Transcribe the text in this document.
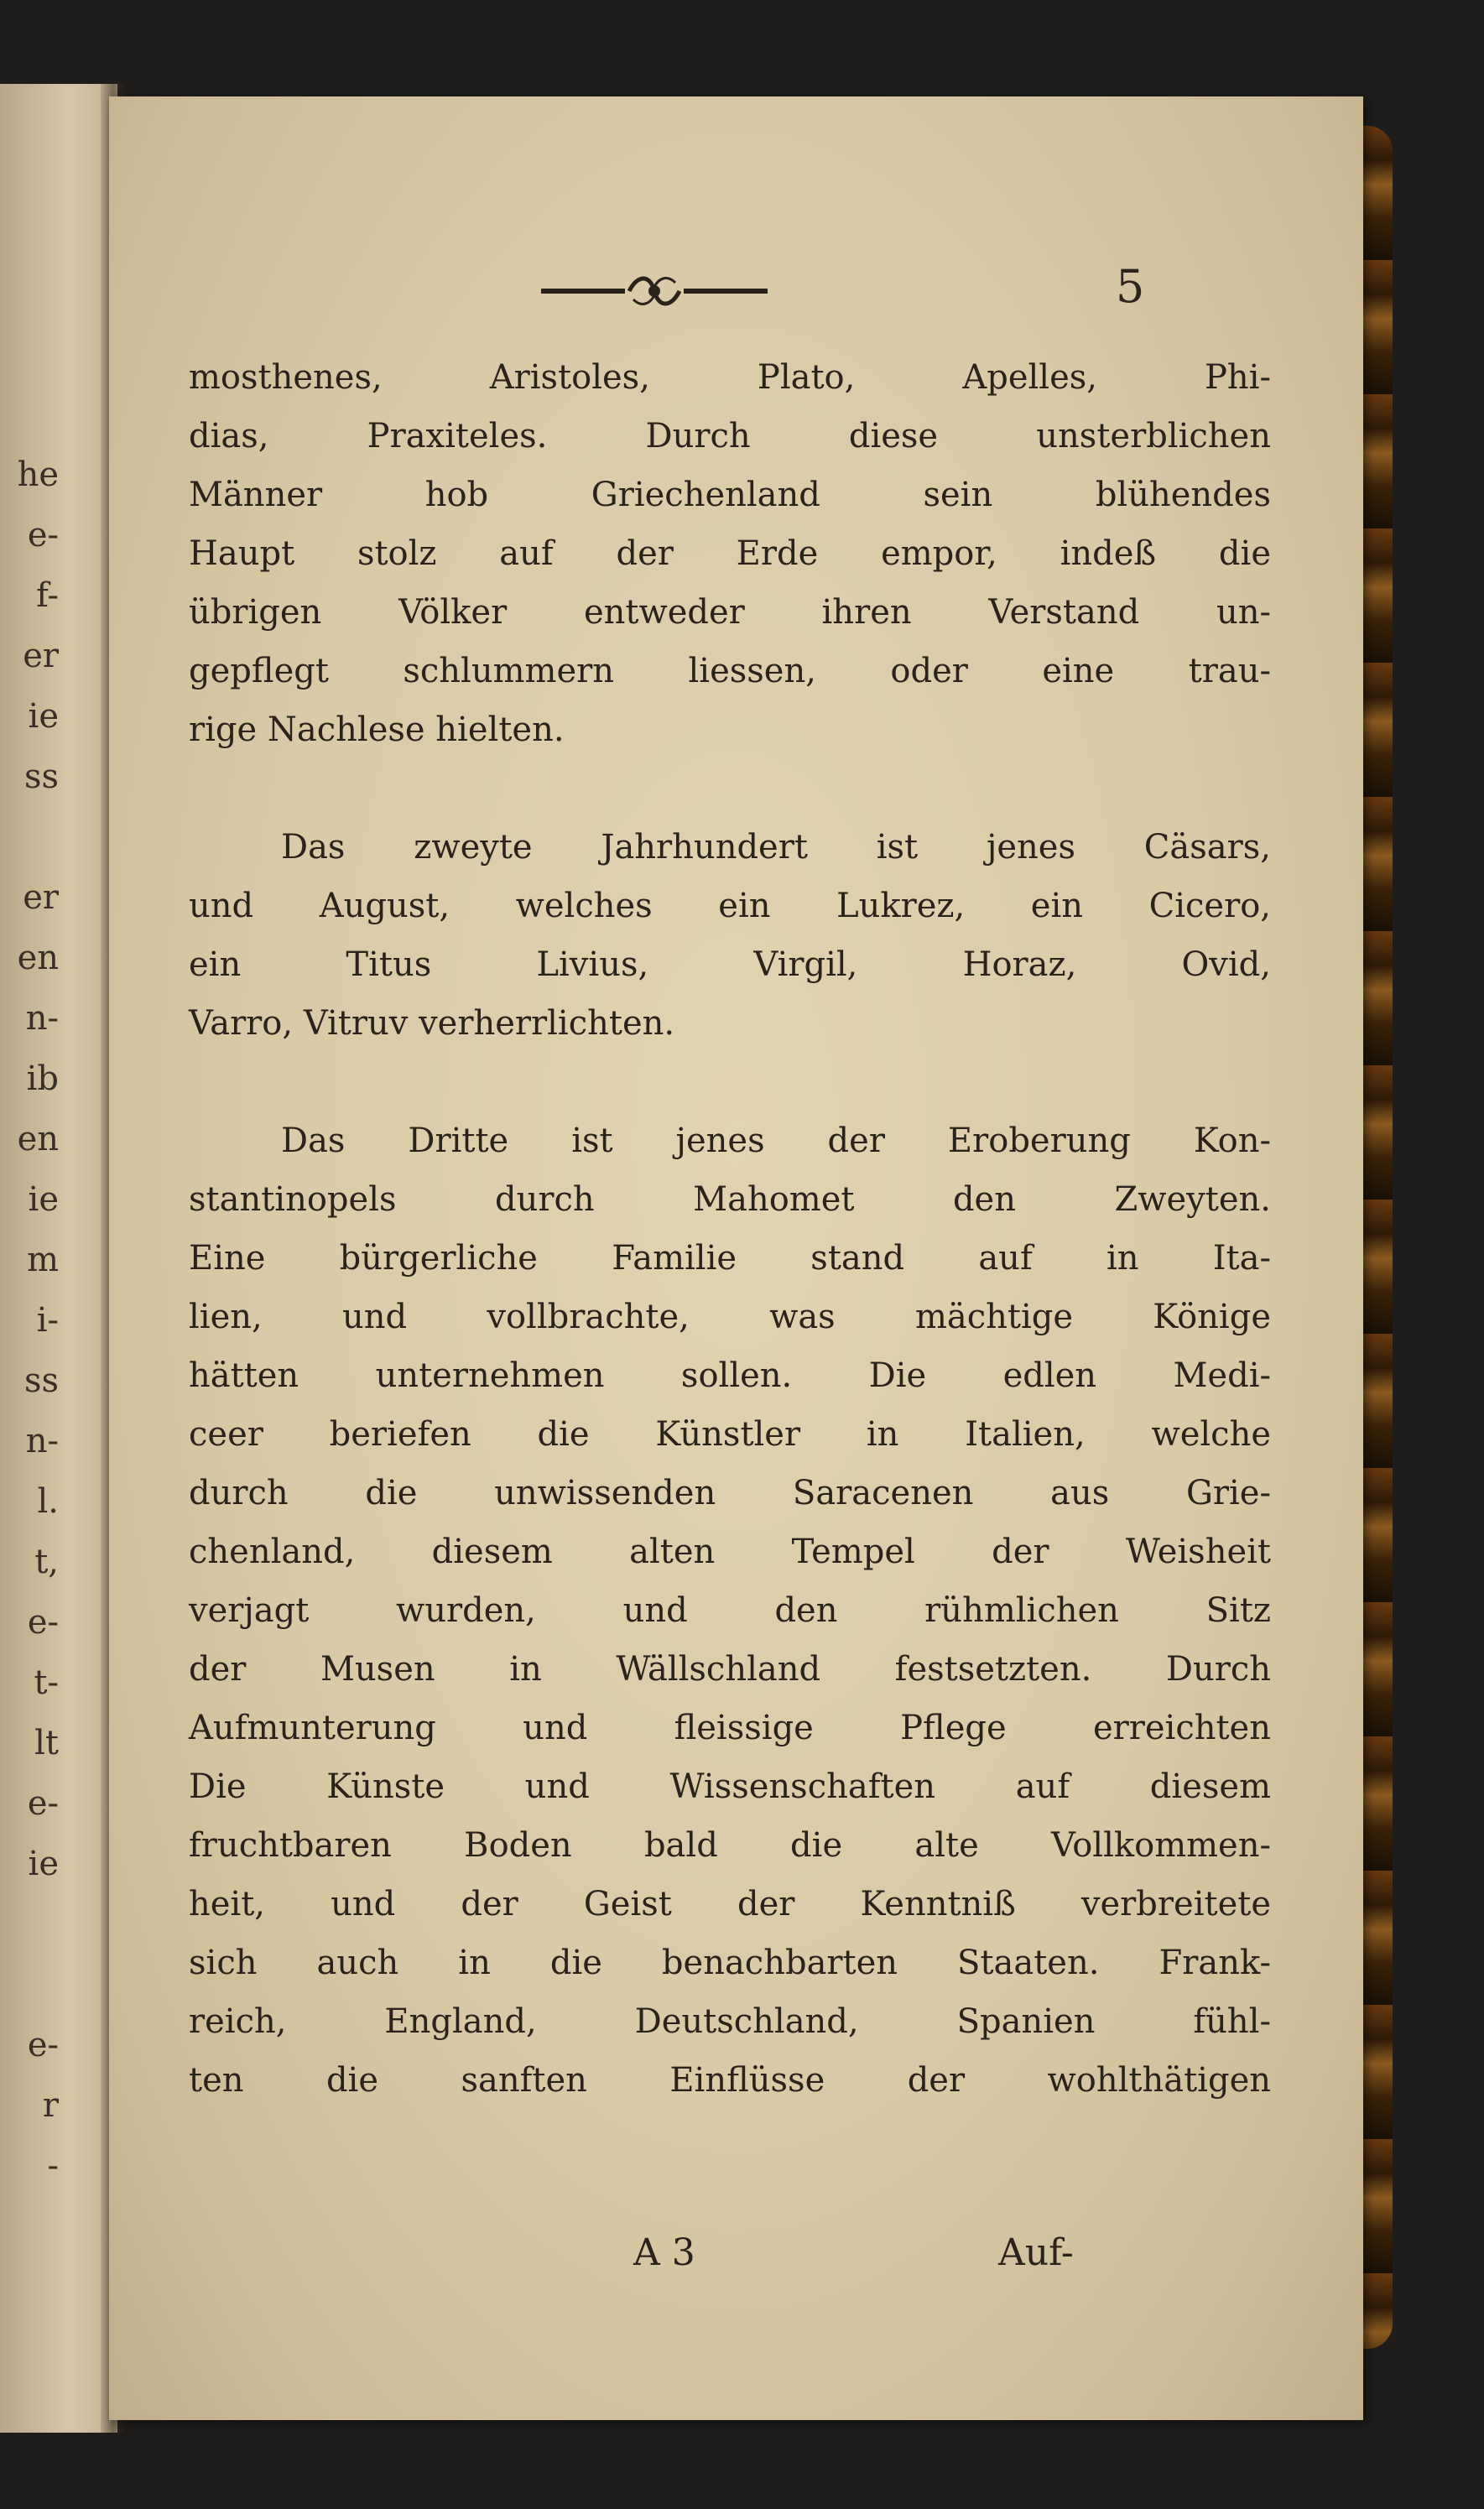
he
e-
f-
er
ie
ss
er
en
n-
ib
en
ie
m
i-
ss
n-
l.
t,
e-
t-
lt
e-
ie
e-
r
-
5
mosthenes, Aristoles, Plato, Apelles, Phi-
dias, Praxiteles. Durch diese unsterblichen
Männer hob Griechenland sein blühendes
Haupt stolz auf der Erde empor, indeß die
übrigen Völker entweder ihren Verstand un-
gepflegt schlummern liessen, oder eine trau-
rige Nachlese hielten.
Das zweyte Jahrhundert ist jenes Cäsars,
und August, welches ein Lukrez, ein Cicero,
ein Titus Livius, Virgil, Horaz, Ovid,
Varro, Vitruv verherrlichten.
Das Dritte ist jenes der Eroberung Kon-
stantinopels durch Mahomet den Zweyten.
Eine bürgerliche Familie stand auf in Ita-
lien, und vollbrachte, was mächtige Könige
hätten unternehmen sollen. Die edlen Medi-
ceer beriefen die Künstler in Italien, welche
durch die unwissenden Saracenen aus Grie-
chenland, diesem alten Tempel der Weisheit
verjagt wurden, und den rühmlichen Sitz
der Musen in Wällschland festsetzten. Durch
Aufmunterung und fleissige Pflege erreichten
Die Künste und Wissenschaften auf diesem
fruchtbaren Boden bald die alte Vollkommen-
heit, und der Geist der Kenntniß verbreitete
sich auch in die benachbarten Staaten. Frank-
reich, England, Deutschland, Spanien fühl-
ten die sanften Einflüsse der wohlthätigen
A 3	Auf-
